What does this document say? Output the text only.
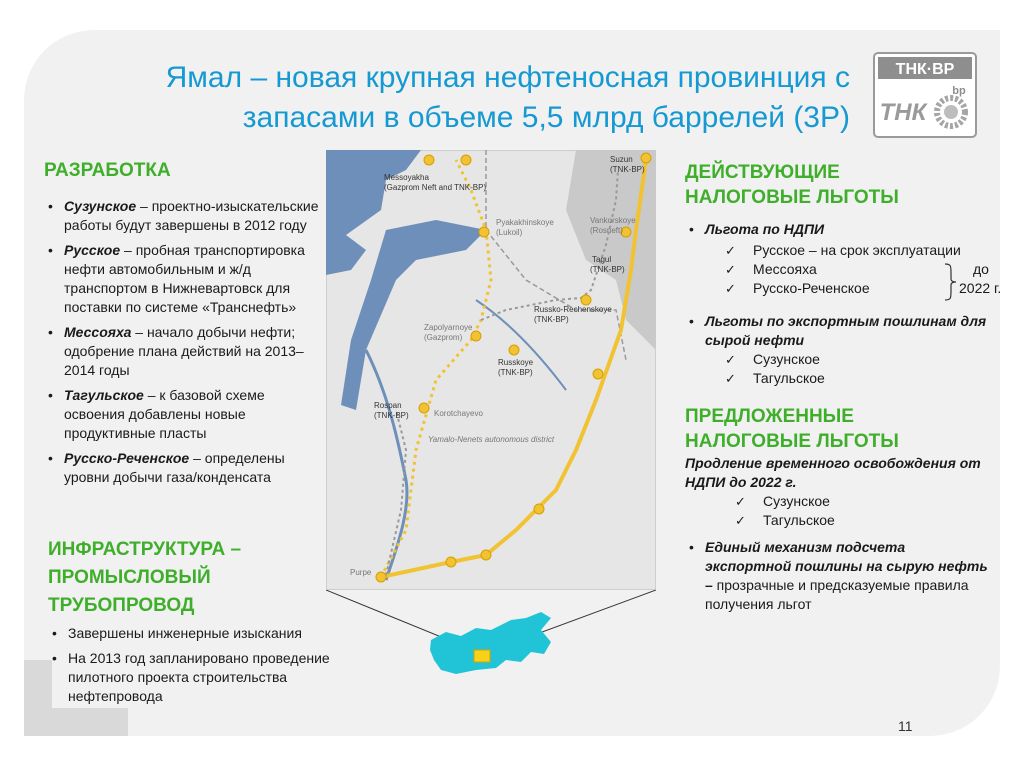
Ямал – новая крупная нефтеносная провинция с запасами в объеме 5,5 млрд баррелей (3Р)
ТНК·ВР
ТНК
bp
РАЗРАБОТКА
• Сузунское – проектно-изыскательские работы будут завершены в 2012 году
• Русское – пробная транспортировка нефти автомобильным и ж/д транспортом в Нижневартовск для поставки по системе «Транснефть»
• Мессояха – начало добычи нефти; одобрение плана действий на 2013–2014 годы
• Тагульское – к базовой схеме освоения добавлены новые продуктивные пласты
• Русско-Реченское – определены уровни добычи газа/конденсата
ИНФРАСТРУКТУРА – ПРОМЫСЛОВЫЙ ТРУБОПРОВОД
• Завершены инженерные изыскания
• На 2013 год запланировано проведение пилотного проекта строительства нефтепровода
Messoyakha
(Gazprom Neft and TNK-BP)
Suzun
(TNK-BP)
Pyakakhinskoye
(Lukoil)
Vankorskoye
(Rosneft)
Tagul
(TNK-BP)
Russko-Rechenskoye
(TNK-BP)
Zapolyarnoye
(Gazprom)
Russkoye
(TNK-BP)
Rospan
(TNK-BP)	Korotchayevo
Yamalo-Nenets autonomous district
Purpe
ДЕЙСТВУЮЩИЕ НАЛОГОВЫЕ ЛЬГОТЫ
• Льгота по НДПИ
✓ Русское – на срок эксплуатации
✓ Мессояха
✓ Русско-Реченское
до
2022 г.
• Льготы по экспортным пошлинам для сырой нефти
✓ Сузунское
✓ Тагульское
ПРЕДЛОЖЕННЫЕ НАЛОГОВЫЕ ЛЬГОТЫ
Продление временного освобождения от НДПИ до 2022 г.
✓ Сузунское
✓ Тагульское
• Единый механизм подсчета экспортной пошлины на сырую нефть – прозрачные и предсказуемые правила получения льгот
11
